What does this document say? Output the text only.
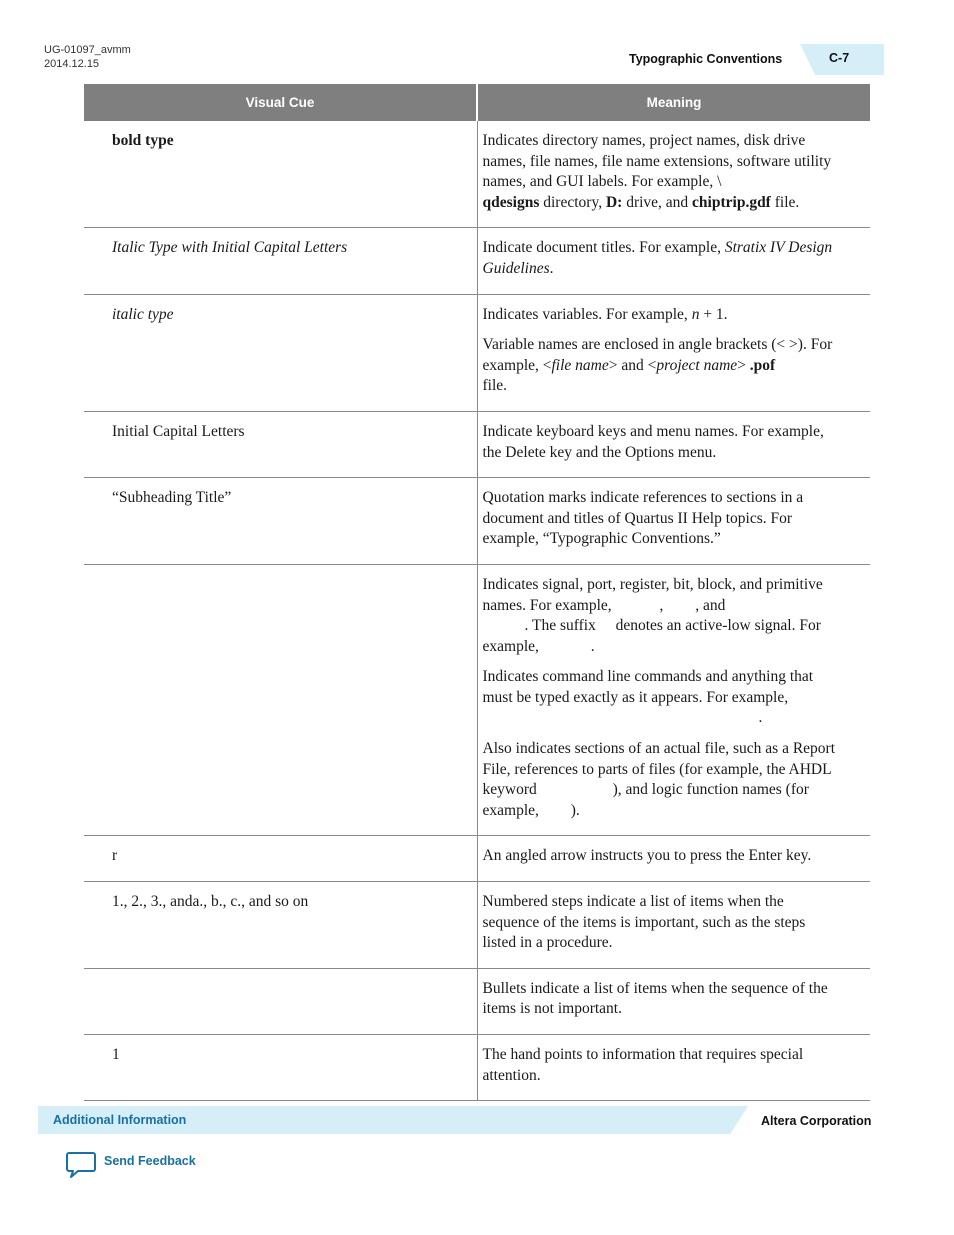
UG-01097_avmm
2014.12.15	Typographic Conventions	C-7
Visual Cue	Meaning
bold type	Indicates directory names, project names, disk drive names, file names, file name extensions, software utility names, and GUI labels. For example, \
qdesigns directory, D: drive, and chiptrip.gdf file.
Italic Type with Initial Capital Letters	Indicate document titles. For example, Stratix IV Design Guidelines.
italic type	Indicates variables. For example, n + 1.
Variable names are enclosed in angle brackets (< >). For example, <file name> and <project name> .pof
file.

Initial Capital Letters	Indicate keyboard keys and menu names. For example, the Delete key and the Options menu.
“Subheading Title”	Quotation marks indicate references to sections in a document and titles of Quartus II Help topics. For example, “Typographic Conventions.”

	Indicates signal, port, register, bit, block, and primitive names. For example, , , and
. The suffix  denotes an active-low signal. For example, .
Indicates command line commands and anything that must be typed exactly as it appears. For example, .
Also indicates sections of an actual file, such as a Report File, references to parts of files (for example, the AHDL keyword ), and logic function names (for example, ).

r	An angled arrow instructs you to press the Enter key.
1., 2., 3., anda., b., c., and so on	Numbered steps indicate a list of items when the sequence of the items is important, such as the steps listed in a procedure.
	Bullets indicate a list of items when the sequence of the items is not important.
1	The hand points to information that requires special attention.
Additional Information	Altera Corporation
Send Feedback
